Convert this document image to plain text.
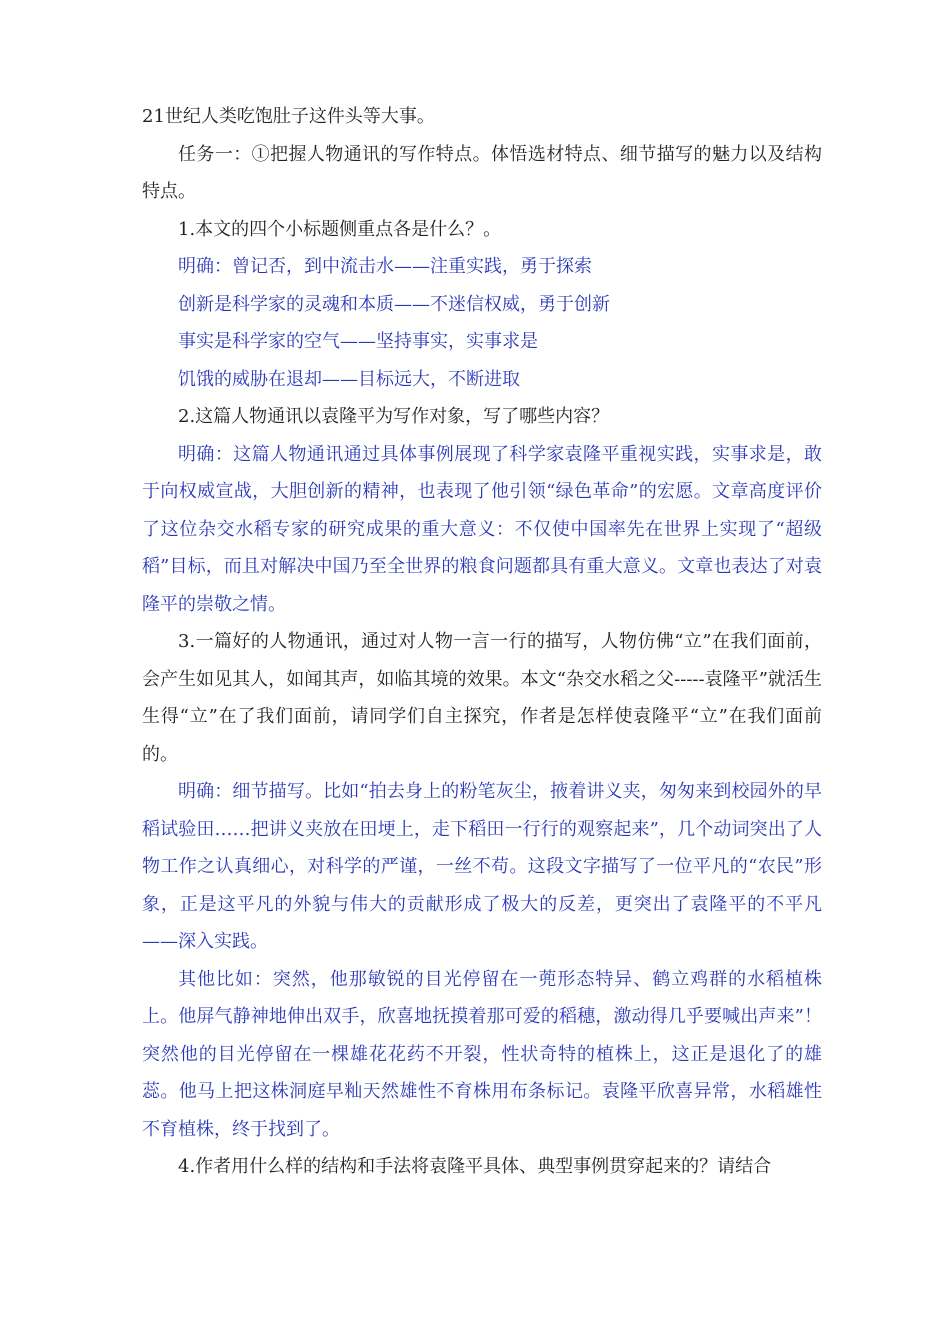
21世纪人类吃饱肚子这件头等大事。

任务一：①把握人物通讯的写作特点。体悟选材特点、细节描写的魅力以及结构特点。

1.本文的四个小标题侧重点各是什么？。

明确：曾记否，到中流击水——注重实践，勇于探索

创新是科学家的灵魂和本质——不迷信权威，勇于创新

事实是科学家的空气——坚持事实，实事求是

饥饿的威胁在退却——目标远大，不断进取

2.这篇人物通讯以袁隆平为写作对象，写了哪些内容？

明确：这篇人物通讯通过具体事例展现了科学家袁隆平重视实践，实事求是，敢于向权威宣战，大胆创新的精神，也表现了他引领“绿色革命”的宏愿。文章高度评价了这位杂交水稻专家的研究成果的重大意义：不仅使中国率先在世界上实现了“超级稻”目标，而且对解决中国乃至全世界的粮食问题都具有重大意义。文章也表达了对袁隆平的崇敬之情。

3.一篇好的人物通讯，通过对人物一言一行的描写，人物仿佛“立”在我们面前，会产生如见其人，如闻其声，如临其境的效果。本文“杂交水稻之父-----袁隆平”就活生生得“立”在了我们面前，请同学们自主探究，作者是怎样使袁隆平“立”在我们面前的。

明确：细节描写。比如“拍去身上的粉笔灰尘，掖着讲义夹，匆匆来到校园外的早稻试验田……把讲义夹放在田埂上，走下稻田一行行的观察起来”，几个动词突出了人物工作之认真细心，对科学的严谨，一丝不苟。这段文字描写了一位平凡的“农民”形象，正是这平凡的外貌与伟大的贡献形成了极大的反差，更突出了袁隆平的不平凡——深入实践。

其他比如：突然，他那敏锐的目光停留在一蔸形态特异、鹤立鸡群的水稻植株上。他屏气静神地伸出双手，欣喜地抚摸着那可爱的稻穗，激动得几乎要喊出声来”！突然他的目光停留在一棵雄花花药不开裂，性状奇特的植株上，这正是退化了的雄蕊。他马上把这株洞庭早籼天然雄性不育株用布条标记。袁隆平欣喜异常，水稻雄性不育植株，终于找到了。

4.作者用什么样的结构和手法将袁隆平具体、典型事例贯穿起来的？请结合
